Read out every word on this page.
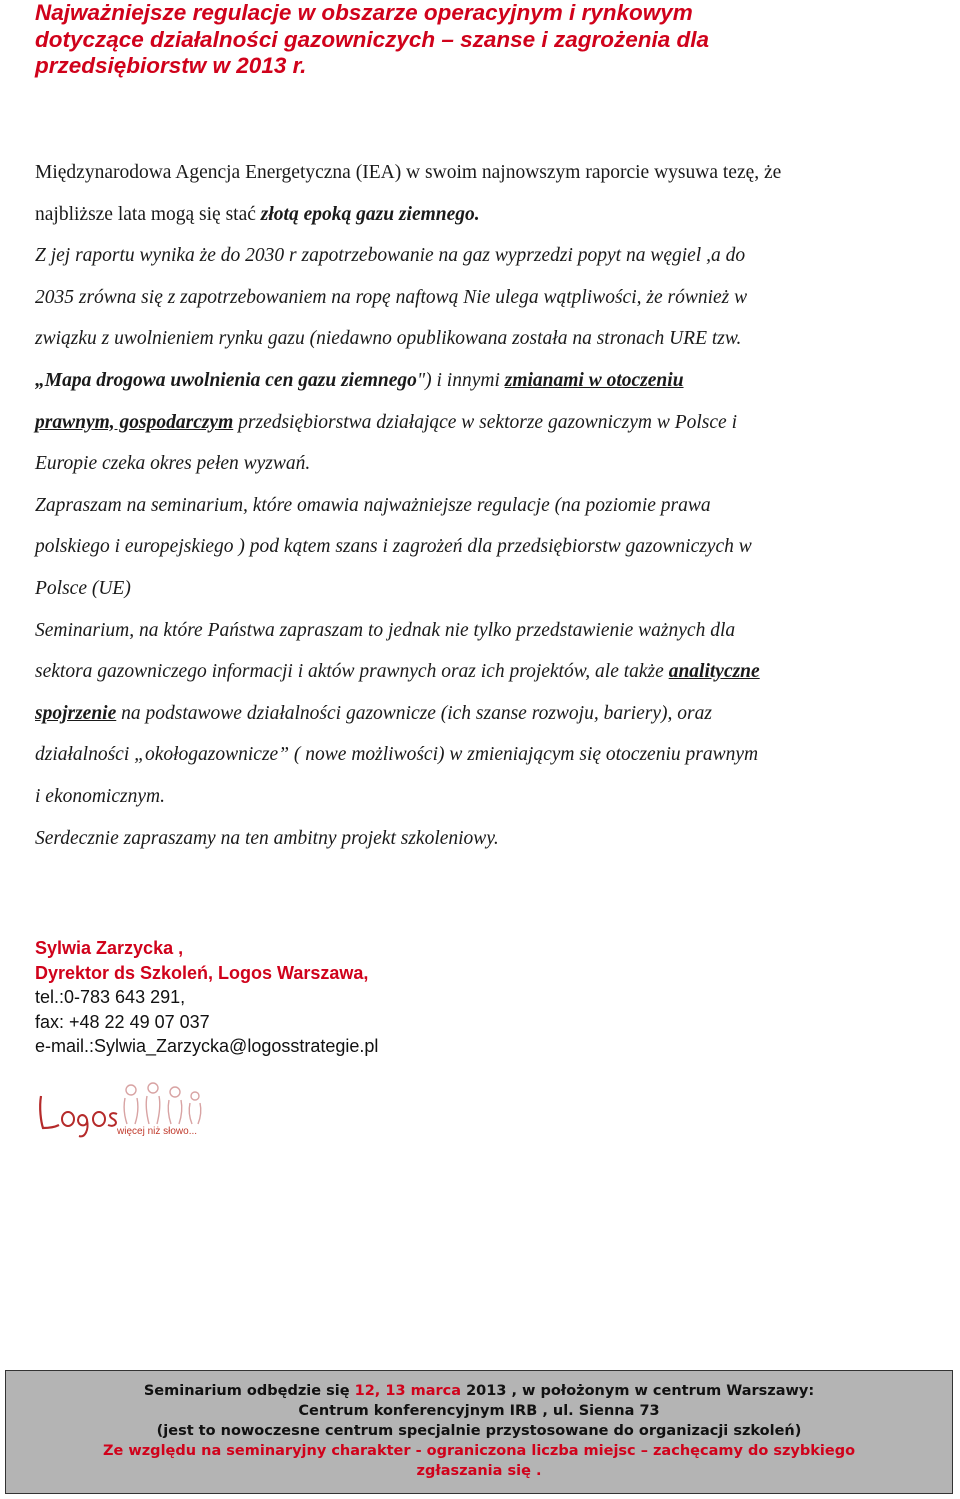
Najważniejsze regulacje w obszarze operacyjnym i rynkowym
dotyczące działalności gazowniczych – szanse i zagrożenia dla
przedsiębiorstw w 2013 r.
Międzynarodowa Agencja Energetyczna (IEA) w swoim najnowszym raporcie wysuwa tezę, że
najbliższe lata mogą się stać złotą epoką gazu ziemnego.
Z jej raportu wynika że do 2030 r zapotrzebowanie na gaz wyprzedzi popyt na węgiel ,a do
2035 zrówna się z zapotrzebowaniem na ropę naftową Nie ulega wątpliwości, że również w
związku z uwolnieniem rynku gazu (niedawno opublikowana została na stronach URE tzw.
„Mapa drogowa uwolnienia cen gazu ziemnego") i innymi zmianami w otoczeniu
prawnym, gospodarczym przedsiębiorstwa działające w sektorze gazowniczym w Polsce i
Europie czeka okres pełen wyzwań.
Zapraszam na seminarium, które omawia najważniejsze regulacje (na poziomie prawa
polskiego i europejskiego ) pod kątem szans i zagrożeń dla przedsiębiorstw gazowniczych w
Polsce (UE)
Seminarium, na które Państwa zapraszam to jednak nie tylko przedstawienie ważnych dla
sektora gazowniczego informacji i aktów prawnych oraz ich projektów, ale także analityczne
spojrzenie na podstawowe działalności gazownicze (ich szanse rozwoju, bariery), oraz
działalności „okołogazownicze” ( nowe możliwości) w zmieniającym się otoczeniu prawnym
i ekonomicznym.
Serdecznie zapraszamy na ten ambitny projekt szkoleniowy.
Sylwia Zarzycka ,
Dyrektor ds Szkoleń, Logos Warszawa,
tel.:0-783 643 291,
fax: +48 22 49 07 037
e-mail.:Sylwia_Zarzycka@logosstrategie.pl
więcej niż słowo...
Seminarium odbędzie się 12, 13 marca 2013 , w położonym w centrum Warszawy:
Centrum konferencyjnym IRB , ul. Sienna 73
(jest to nowoczesne centrum specjalnie przystosowane do organizacji szkoleń)
Ze względu na seminaryjny charakter - ograniczona liczba miejsc – zachęcamy do szybkiego
zgłaszania się .
